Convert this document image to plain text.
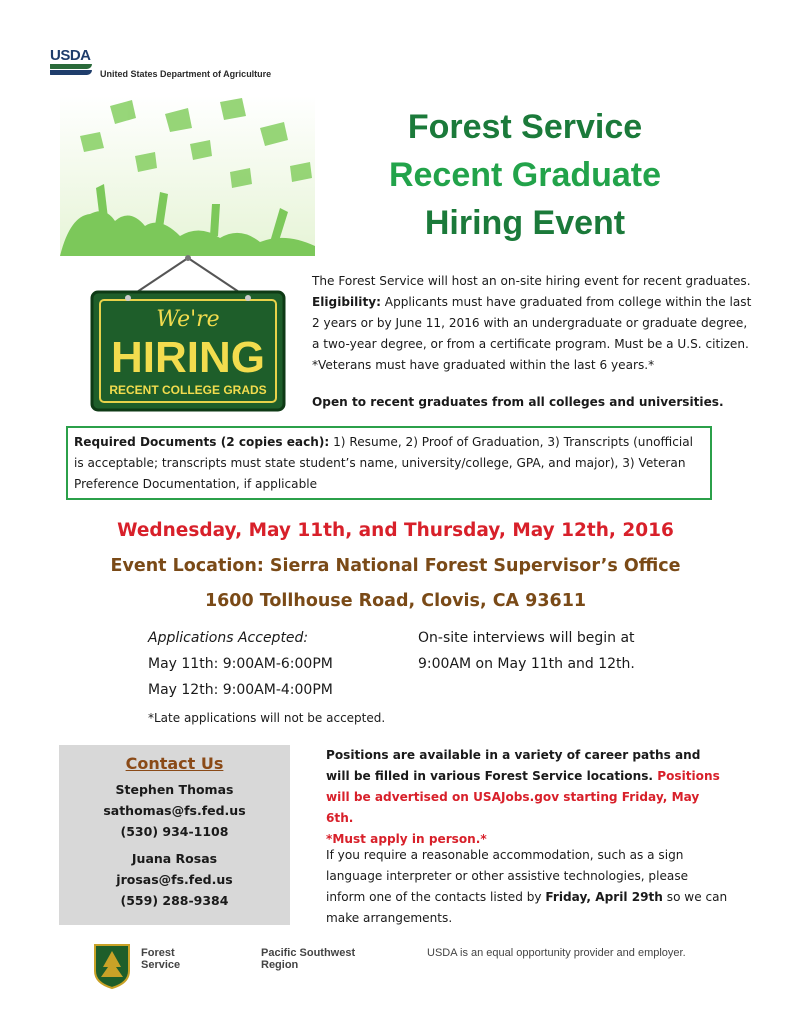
USDA
United States Department of Agriculture
Forest Service
Recent Graduate
Hiring Event
We're
HIRING
RECENT COLLEGE GRADS
The Forest Service will host an on-site hiring event for recent graduates. Eligibility: Applicants must have graduated from college within the last 2 years or by June 11, 2016 with an undergraduate or graduate degree, a two-year degree, or from a certificate program. Must be a U.S. citizen. *Veterans must have graduated within the last 6 years.*
Open to recent graduates from all colleges and universities.
Required Documents (2 copies each): 1) Resume, 2) Proof of Graduation, 3) Transcripts (unofficial is acceptable; transcripts must state student’s name, university/college, GPA, and major), 3) Veteran Preference Documentation, if applicable
Wednesday, May 11th, and Thursday, May 12th, 2016
Event Location: Sierra National Forest Supervisor’s Office
1600 Tollhouse Road, Clovis, CA 93611
Applications Accepted:
May 11th: 9:00AM-6:00PM
May 12th: 9:00AM-4:00PM
*Late applications will not be accepted.
On-site interviews will begin at 9:00AM on May 11th and 12th.
Contact Us
Stephen Thomas
sathomas@fs.fed.us
(530) 934-1108
Juana Rosas
jrosas@fs.fed.us
(559) 288-9384
Positions are available in a variety of career paths and will be filled in various Forest Service locations. Positions will be advertised on USAJobs.gov starting Friday, May 6th.
*Must apply in person.*
If you require a reasonable accommodation, such as a sign language interpreter or other assistive technologies, please inform one of the contacts listed by Friday, April 29th so we can make arrangements.
Forest
Service
Pacific Southwest
Region
USDA is an equal opportunity provider and employer.
